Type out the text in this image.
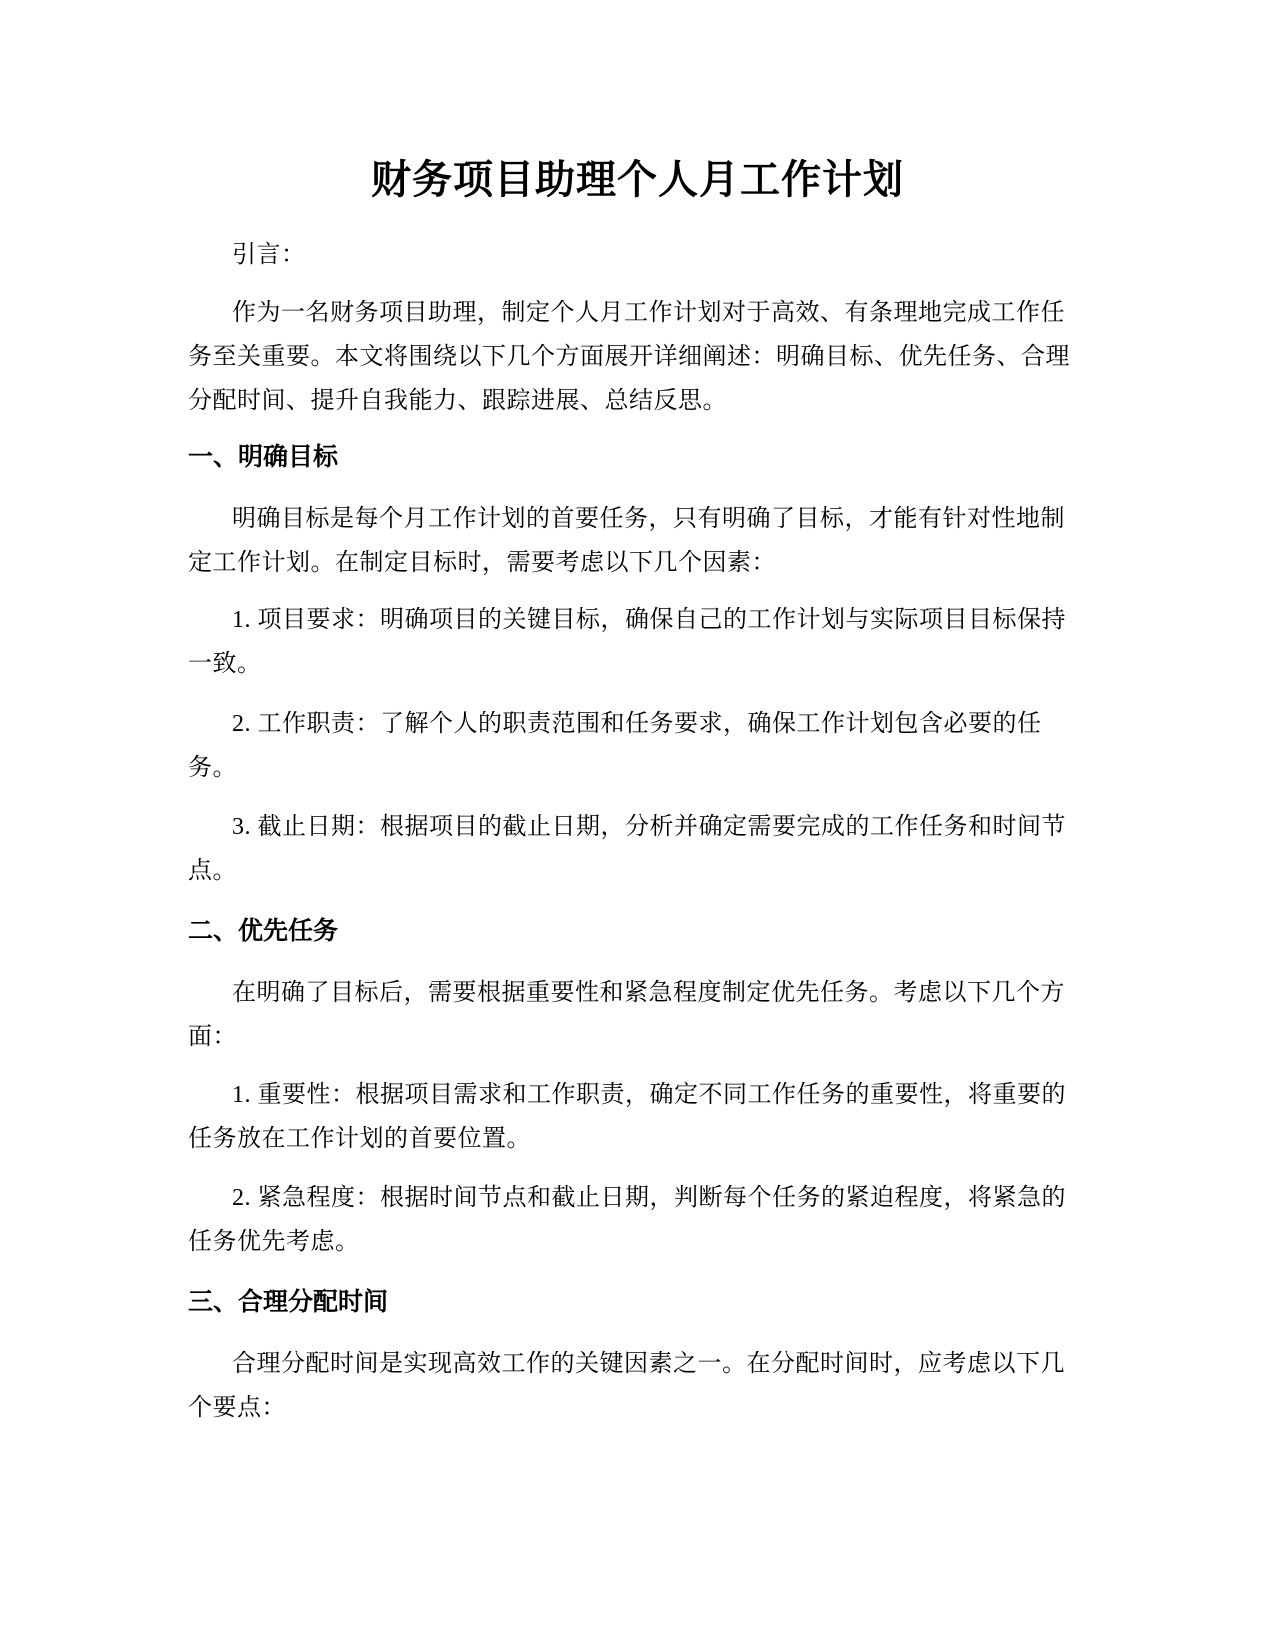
财务项目助理个人月工作计划
引言：
作为一名财务项目助理，制定个人月工作计划对于高效、有条理地完成工作任务至关重要。本文将围绕以下几个方面展开详细阐述：明确目标、优先任务、合理分配时间、提升自我能力、跟踪进展、总结反思。
一、明确目标
明确目标是每个月工作计划的首要任务，只有明确了目标，才能有针对性地制定工作计划。在制定目标时，需要考虑以下几个因素：
1. 项目要求：明确项目的关键目标，确保自己的工作计划与实际项目目标保持一致。
2. 工作职责：了解个人的职责范围和任务要求，确保工作计划包含必要的任务。
3. 截止日期：根据项目的截止日期，分析并确定需要完成的工作任务和时间节点。
二、优先任务
在明确了目标后，需要根据重要性和紧急程度制定优先任务。考虑以下几个方面：
1. 重要性：根据项目需求和工作职责，确定不同工作任务的重要性，将重要的任务放在工作计划的首要位置。
2. 紧急程度：根据时间节点和截止日期，判断每个任务的紧迫程度，将紧急的任务优先考虑。
三、合理分配时间
合理分配时间是实现高效工作的关键因素之一。在分配时间时，应考虑以下几个要点：
